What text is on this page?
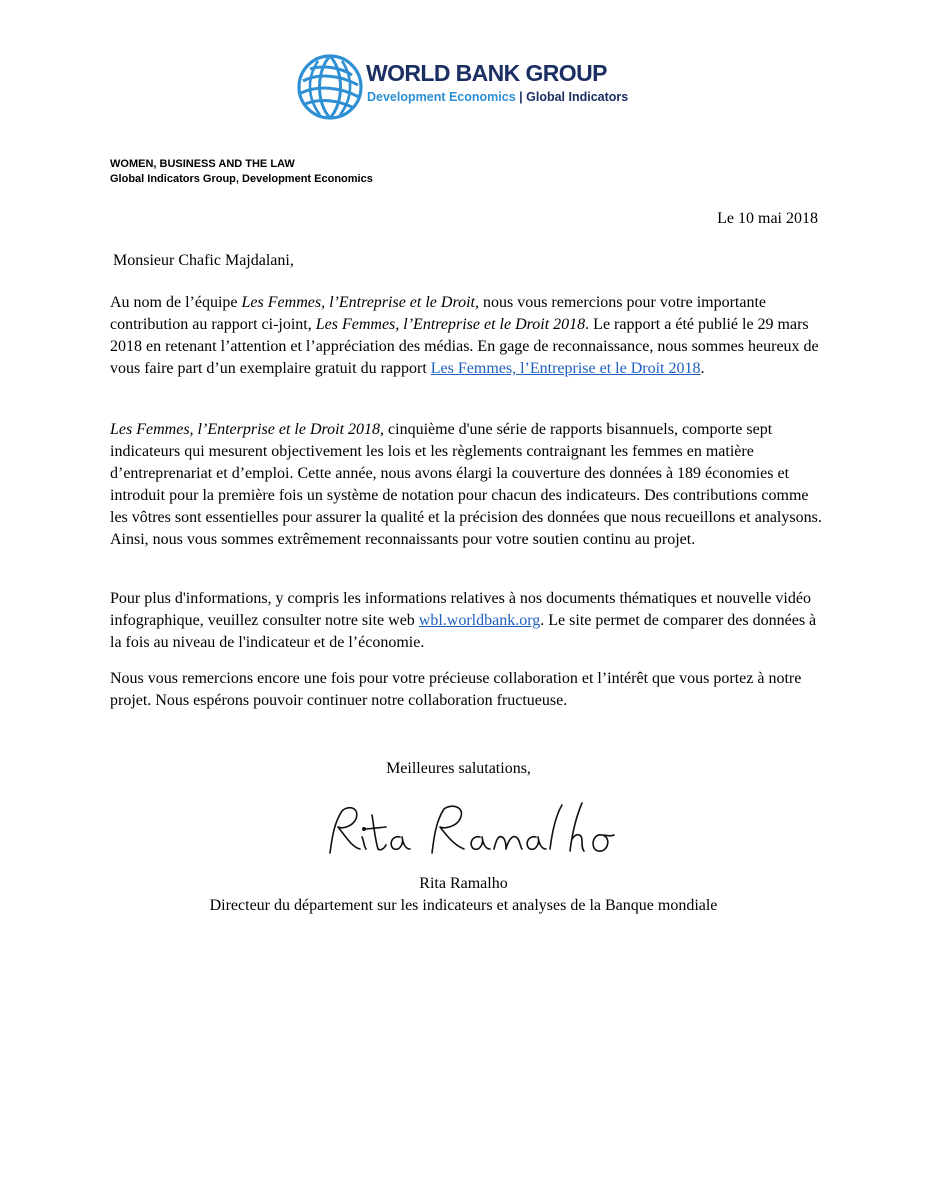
WORLD BANK GROUP
Development Economics | Global Indicators
WOMEN, BUSINESS AND THE LAW
Global Indicators Group, Development Economics
Le 10 mai 2018
Monsieur Chafic Majdalani,

Au nom de l’équipe Les Femmes, l’Entreprise et le Droit, nous vous remercions pour votre importante contribution au rapport ci-joint, Les Femmes, l’Entreprise et le Droit 2018. Le rapport a été publié le 29 mars 2018 en retenant l’attention et l’appréciation des médias. En gage de reconnaissance, nous sommes heureux de vous faire part d’un exemplaire gratuit du rapport Les Femmes, l’Entreprise et le Droit 2018.

Les Femmes, l’Enterprise et le Droit 2018, cinquième d'une série de rapports bisannuels, comporte sept indicateurs qui mesurent objectivement les lois et les règlements contraignant les femmes en matière d’entreprenariat et d’emploi. Cette année, nous avons élargi la couverture des données à 189 économies et introduit pour la première fois un système de notation pour chacun des indicateurs. Des contributions comme les vôtres sont essentielles pour assurer la qualité et la précision des données que nous recueillons et analysons. Ainsi, nous vous sommes extrêmement reconnaissants pour votre soutien continu au projet.

Pour plus d'informations, y compris les informations relatives à nos documents thématiques et nouvelle vidéo infographique, veuillez consulter notre site web wbl.worldbank.org. Le site permet de comparer des données à la fois au niveau de l'indicateur et de l’économie.

Nous vous remercions encore une fois pour votre précieuse collaboration et l’intérêt que vous portez à notre projet. Nous espérons pouvoir continuer notre collaboration fructueuse.

Meilleures salutations,
Rita Ramalho
Directeur du département sur les indicateurs et analyses de la Banque mondiale
